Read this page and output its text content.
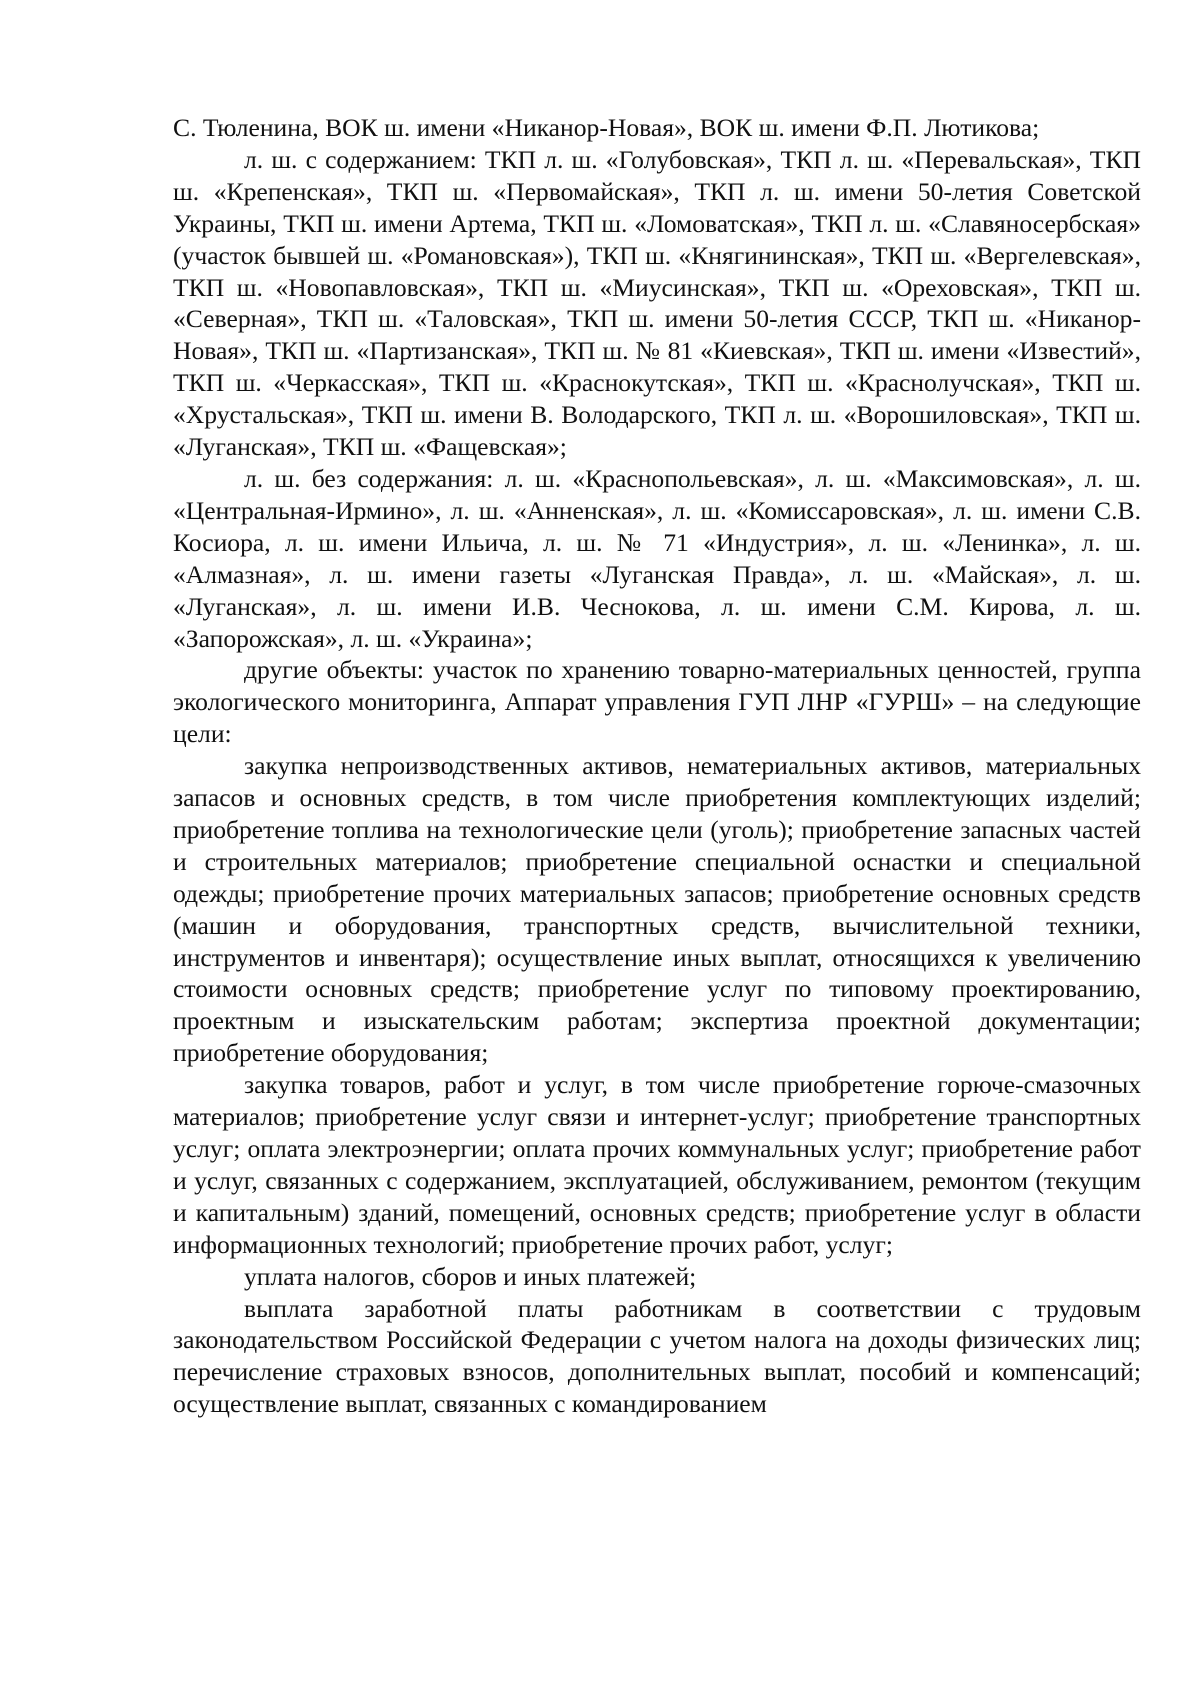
С. Тюленина, ВОК ш. имени «Никанор-Новая», ВОК ш. имени Ф.П. Лютикова;

л. ш. с содержанием: ТКП л. ш. «Голубовская», ТКП л. ш. «Перевальская», ТКП ш. «Крепенская», ТКП ш. «Первомайская», ТКП л. ш. имени 50-летия Советской Украины, ТКП ш. имени Артема, ТКП ш. «Ломоватская», ТКП л. ш. «Славяносербская» (участок бывшей ш. «Романовская»), ТКП ш. «Княгининская», ТКП ш. «Вергелевская», ТКП ш. «Новопавловская», ТКП ш. «Миусинская», ТКП ш. «Ореховская», ТКП ш. «Северная», ТКП ш. «Таловская», ТКП ш. имени 50-летия СССР, ТКП ш. «Никанор-Новая», ТКП ш. «Партизанская», ТКП ш. № 81 «Киевская», ТКП ш. имени «Известий», ТКП ш. «Черкасская», ТКП ш. «Краснокутская», ТКП ш. «Краснолучская», ТКП ш. «Хрустальская», ТКП ш. имени В. Володарского, ТКП л. ш. «Ворошиловская», ТКП ш. «Луганская», ТКП ш. «Фащевская»;

л. ш. без содержания: л. ш. «Краснопольевская», л. ш. «Максимовская», л. ш. «Центральная-Ирмино», л. ш. «Анненская», л. ш. «Комиссаровская», л. ш. имени С.В. Косиора, л. ш. имени Ильича, л. ш. № 71 «Индустрия», л. ш. «Ленинка», л. ш. «Алмазная», л. ш. имени газеты «Луганская Правда», л. ш. «Майская», л. ш. «Луганская», л. ш. имени И.В. Чеснокова, л. ш. имени С.М. Кирова, л. ш. «Запорожская», л. ш. «Украина»;

другие объекты: участок по хранению товарно-материальных ценностей, группа экологического мониторинга, Аппарат управления ГУП ЛНР «ГУРШ» – на следующие цели:

закупка непроизводственных активов, нематериальных активов, материальных запасов и основных средств, в том числе приобретения комплектующих изделий; приобретение топлива на технологические цели (уголь); приобретение запасных частей и строительных материалов; приобретение специальной оснастки и специальной одежды; приобретение прочих материальных запасов; приобретение основных средств (машин и оборудования, транспортных средств, вычислительной техники, инструментов и инвентаря); осуществление иных выплат, относящихся к увеличению стоимости основных средств; приобретение услуг по типовому проектированию, проектным и изыскательским работам; экспертиза проектной документации; приобретение оборудования;

закупка товаров, работ и услуг, в том числе приобретение горюче-смазочных материалов; приобретение услуг связи и интернет-услуг; приобретение транспортных услуг; оплата электроэнергии; оплата прочих коммунальных услуг; приобретение работ и услуг, связанных с содержанием, эксплуатацией, обслуживанием, ремонтом (текущим и капитальным) зданий, помещений, основных средств; приобретение услуг в области информационных технологий; приобретение прочих работ, услуг;

уплата налогов, сборов и иных платежей;

выплата заработной платы работникам в соответствии с трудовым законодательством Российской Федерации с учетом налога на доходы физических лиц; перечисление страховых взносов, дополнительных выплат, пособий и компенсаций; осуществление выплат, связанных с командированием
